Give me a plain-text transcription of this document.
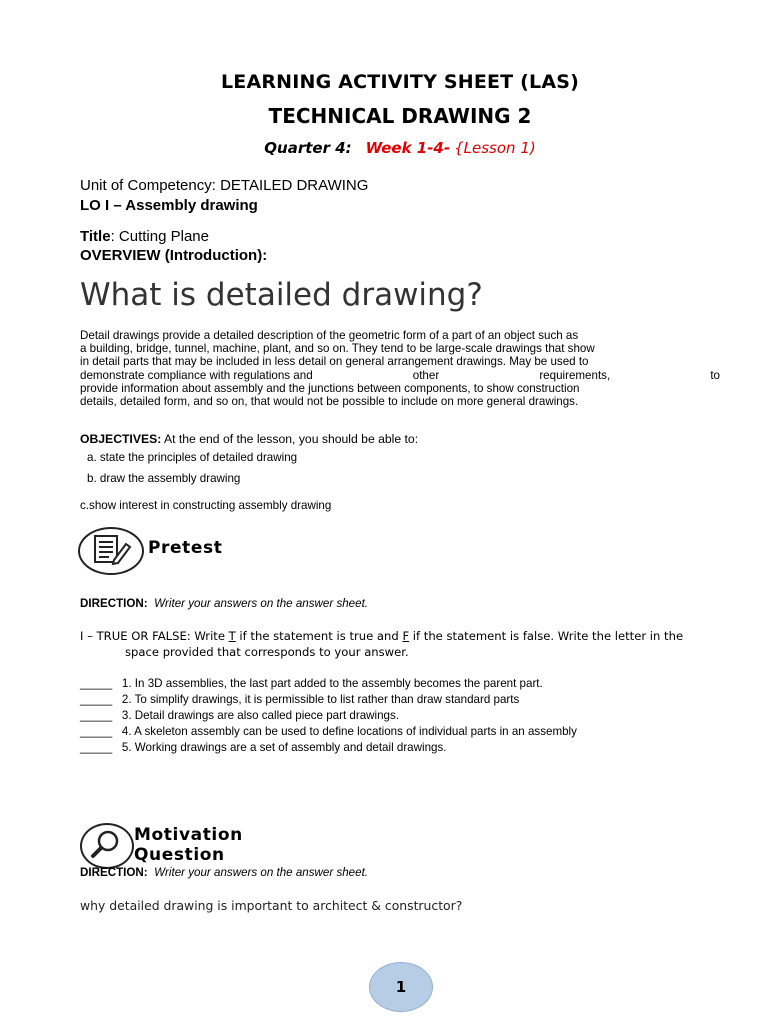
LEARNING ACTIVITY SHEET (LAS)
TECHNICAL DRAWING 2
Quarter 4: Week 1-4- {Lesson 1)
Unit of Competency: DETAILED DRAWING
LO I – Assembly drawing
Title: Cutting Plane
OVERVIEW (Introduction):
What is detailed drawing?
Detail drawings provide a detailed description of the geometric form of a part of an object such as
a building, bridge, tunnel, machine, plant, and so on. They tend to be large-scale drawings that show
in detail parts that may be included in less detail on general arrangement drawings. May be used to
demonstrate compliance with regulations and	other	requirements,	to
provide information about assembly and the junctions between components, to show construction
details, detailed form, and so on, that would not be possible to include on more general drawings.
OBJECTIVES: At the end of the lesson, you should be able to:
a. state the principles of detailed drawing
b. draw the assembly drawing
c.show interest in constructing assembly drawing
Pretest
DIRECTION: Writer your answers on the answer sheet.
I – TRUE OR FALSE: Write T if the statement is true and F if the statement is false. Write the letter in the
space provided that corresponds to your answer.
_____ 1. In 3D assemblies, the last part added to the assembly becomes the parent part.
_____ 2. To simplify drawings, it is permissible to list rather than draw standard parts
_____ 3. Detail drawings are also called piece part drawings.
_____ 4. A skeleton assembly can be used to define locations of individual parts in an assembly
_____ 5. Working drawings are a set of assembly and detail drawings.
Motivation
Question
DIRECTION: Writer your answers on the answer sheet.
why detailed drawing is important to architect & constructor?
1
